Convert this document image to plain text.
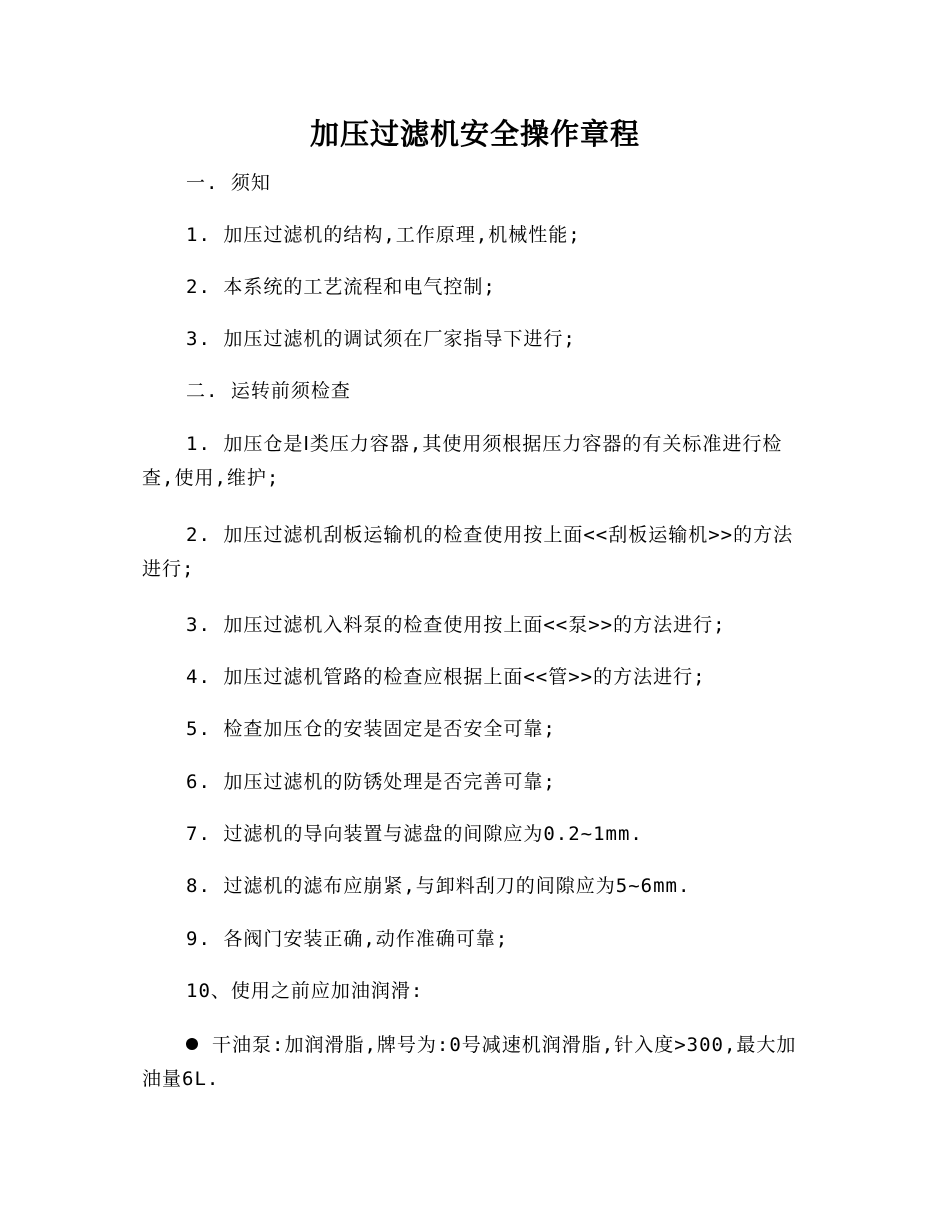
加压过滤机安全操作章程
一. 须知
1. 加压过滤机的结构,工作原理,机械性能;
2. 本系统的工艺流程和电气控制;
3. 加压过滤机的调试须在厂家指导下进行;
二. 运转前须检查
1. 加压仓是Ⅰ类压力容器,其使用须根据压力容器的有关标准进行检查,使用,维护;
2. 加压过滤机刮板运输机的检查使用按上面<<刮板运输机>>的方法进行;
3. 加压过滤机入料泵的检查使用按上面<<泵>>的方法进行;
4. 加压过滤机管路的检查应根据上面<<管>>的方法进行;
5. 检查加压仓的安装固定是否安全可靠;
6. 加压过滤机的防锈处理是否完善可靠;
7. 过滤机的导向装置与滤盘的间隙应为0.2~1mm.
8. 过滤机的滤布应崩紧,与卸料刮刀的间隙应为5~6mm.
9. 各阀门安装正确,动作准确可靠;
10、使用之前应加油润滑:
干油泵:加润滑脂,牌号为:0号减速机润滑脂,针入度>300,最大加油量6L.
